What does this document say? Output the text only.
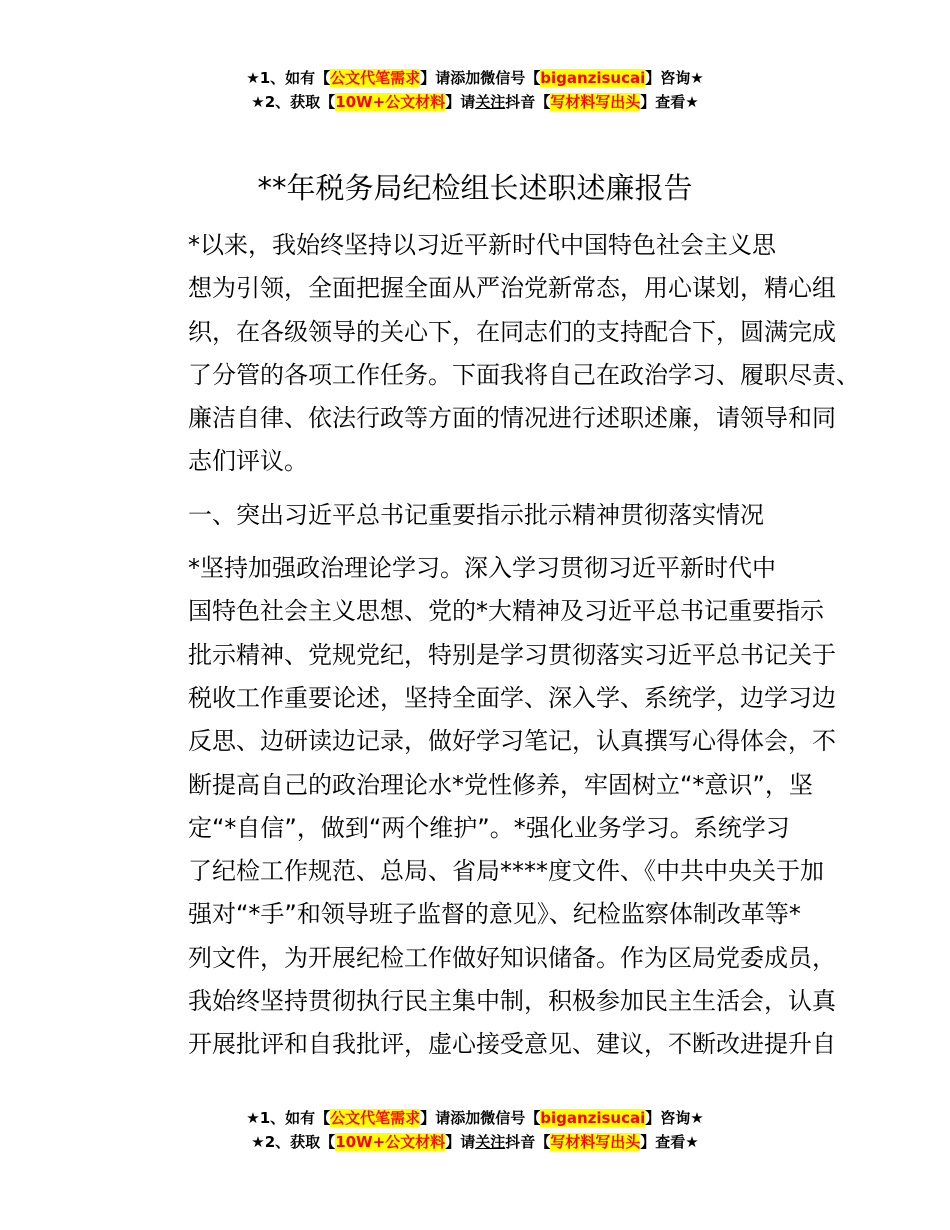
★1、如有【公文代笔需求】请添加微信号【biganzisucai】咨询★
★2、获取【10W+公文材料】请关注抖音【写材料写出头】查看★
**年税务局纪检组长述职述廉报告

*以来，我始终坚持以习近平新时代中国特色社会主义思
想为引领，全面把握全面从严治党新常态，用心谋划，精心组
织，在各级领导的关心下，在同志们的支持配合下，圆满完成
了分管的各项工作任务。下面我将自己在政治学习、履职尽责、
廉洁自律、依法行政等方面的情况进行述职述廉，请领导和同
志们评议。

一、突出习近平总书记重要指示批示精神贯彻落实情况

*坚持加强政治理论学习。深入学习贯彻习近平新时代中
国特色社会主义思想、党的*大精神及习近平总书记重要指示
批示精神、党规党纪，特别是学习贯彻落实习近平总书记关于
税收工作重要论述，坚持全面学、深入学、系统学，边学习边
反思、边研读边记录，做好学习笔记，认真撰写心得体会，不
断提高自己的政治理论水*党性修养，牢固树立“*意识”，坚
定“*自信”，做到“两个维护”。*强化业务学习。系统学习
了纪检工作规范、总局、省局****度文件、《中共中央关于加
强对“*手”和领导班子监督的意见》、纪检监察体制改革等*
列文件，为开展纪检工作做好知识储备。作为区局党委成员，
我始终坚持贯彻执行民主集中制，积极参加民主生活会，认真
开展批评和自我批评，虚心接受意见、建议，不断改进提升自

★1、如有【公文代笔需求】请添加微信号【biganzisucai】咨询★
★2、获取【10W+公文材料】请关注抖音【写材料写出头】查看★
